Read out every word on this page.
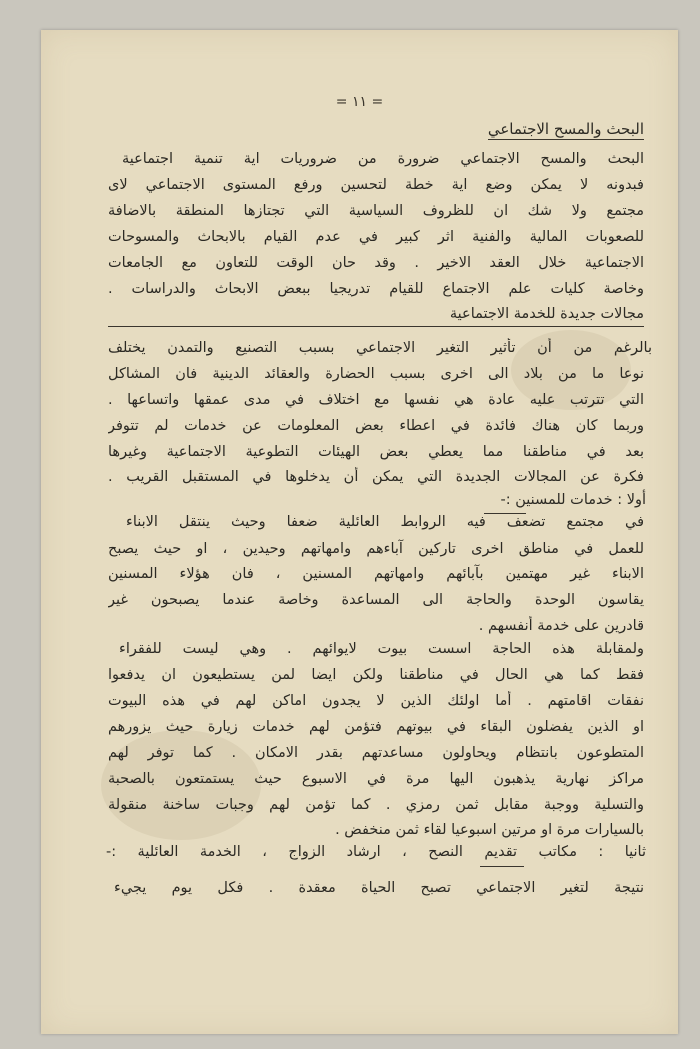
= ١١ =
البحث والمسح الاجتماعي
البحث والمسح الاجتماعي ضرورة من ضروريات اية تنمية اجتماعية
فبدونه لا يمكن وضع اية خطة لتحسين ورفع المستوى الاجتماعي لاى
مجتمع ولا شك ان للظروف السياسية التي تجتازها المنطقة بالاضافة
للصعوبات المالية والفنية اثر كبير في عدم القيام بالابحاث والمسوحات
الاجتماعية خلال العقد الاخير . وقد حان الوقت للتعاون مع الجامعات
وخاصة كليات علم الاجتماع للقيام تدريجيا ببعض الابحاث والدراسات .
مجالات جديدة للخدمة الاجتماعية
بالرغم من أن تأثير التغير الاجتماعي بسبب التصنيع والتمدن يختلف
نوعا ما من بلاد الى اخرى بسبب الحضارة والعقائد الدينية فان المشاكل
التي تترتب عليه عادة هي نفسها مع اختلاف في مدى عمقها واتساعها .
وربما كان هناك فائدة في اعطاء بعض المعلومات عن خدمات لم تتوفر
بعد في مناطقنا مما يعطي بعض الهيئات التطوعية الاجتماعية وغيرها
فكرة عن المجالات الجديدة التي يمكن أن يدخلوها في المستقبل القريب .
أولا : خدمات للمسنين :-
في مجتمع تضعف فيه الروابط العائلية ضعفا وحيث ينتقل الابناء
للعمل في مناطق اخرى تاركين آباءهم وامهاتهم وحيدين ، او حيث يصبح
الابناء غير مهتمين بآبائهم وامهاتهم المسنين ، فان هؤلاء المسنين
يقاسون الوحدة والحاجة الى المساعدة وخاصة عندما يصبحون غير
قادرين على خدمة أنفسهم .
ولمقابلة هذه الحاجة اسست بيوت لايوائهم . وهي ليست للفقراء
فقط كما هي الحال في مناطقنا ولكن ايضا لمن يستطيعون ان يدفعوا
نفقات اقامتهم . أما اولئك الذين لا يجدون اماكن لهم في هذه البيوت
او الذين يفضلون البقاء في بيوتهم فتؤمن لهم خدمات زيارة حيث يزورهم
المتطوعون بانتظام ويحاولون مساعدتهم بقدر الامكان . كما توفر لهم
مراكز نهارية يذهبون اليها مرة في الاسبوع حيث يستمتعون بالصحبة
والتسلية ووجبة مقابل ثمن رمزي . كما تؤمن لهم وجبات ساخنة منقولة
بالسيارات مرة او مرتين اسبوعيا لقاء ثمن منخفض .
ثانيا : مكاتب تقديم النصح ، ارشاد الزواج ، الخدمة العائلية :-
نتيجة لتغير الاجتماعي تصبح الحياة معقدة . فكل يوم يجيء
